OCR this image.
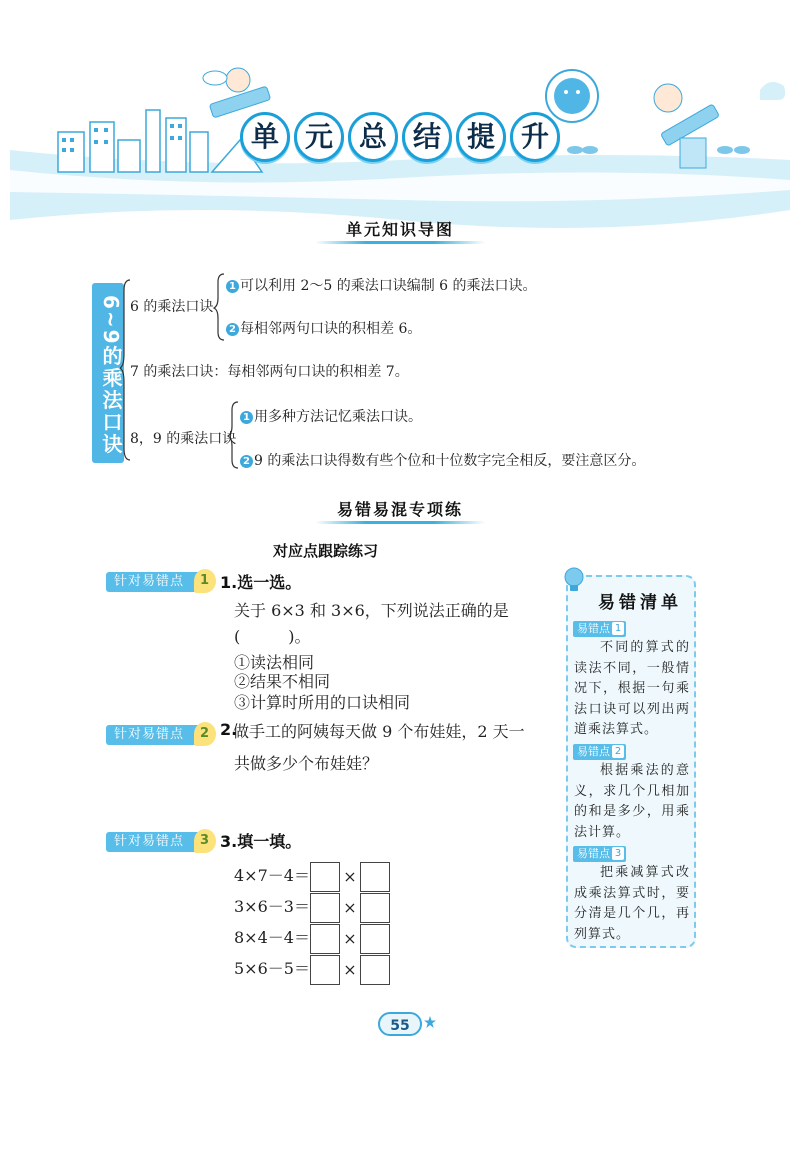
单 元 总 结 提 升
单元知识导图
6~9的乘法口诀 6 的乘法口诀
1 可以利用 2～5 的乘法口诀编制 6 的乘法口诀。
2 每相邻两句口诀的积相差 6。
7 的乘法口诀：每相邻两句口诀的积相差 7。
8，9 的乘法口诀
1 用多种方法记忆乘法口诀。
2 9 的乘法口诀得数有些个位和十位数字完全相反，要注意区分。
易错易混专项练
对应点跟踪练习
针对易错点	1 1.选一选。
关于 6×3 和 3×6，下列说法正确的是
(　　　)。
①读法相同
②结果不相同
③计算时所用的口诀相同
针对易错点	2 2.
做手工的阿姨每天做 9 个布娃娃，2 天一
共做多少个布娃娃？
针对易错点	3 3.填一填。
4×7－4＝ ×
3×6－3＝ ×
8×4－4＝ ×
5×6－5＝ ×
易错清单
易错点 1
不同的算式的读法不同，一般情况下，根据一句乘法口诀可以列出两道乘法算式。
易错点 2
根据乘法的意义，求几个几相加的和是多少，用乘法计算。
易错点 3
把乘减算式改成乘法算式时，要分清是几个几，再列算式。
55
